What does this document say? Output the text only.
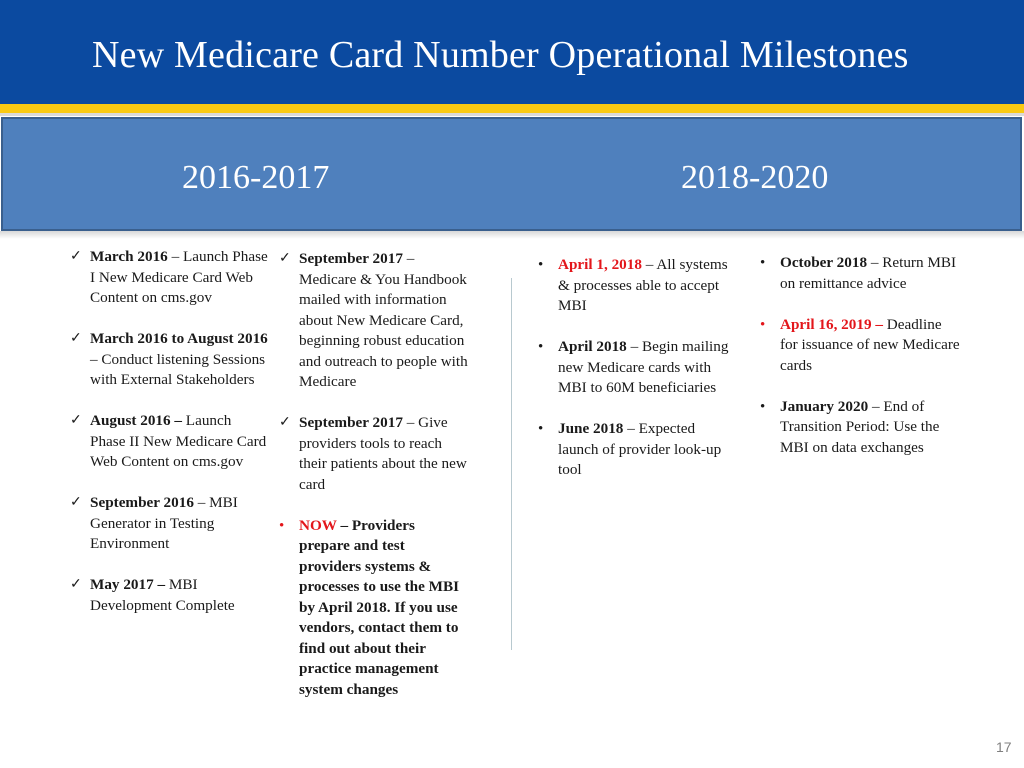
New Medicare Card Number Operational Milestones
2016-2017	2018-2020
✓ March 2016 – Launch Phase I New Medicare Card Web Content on cms.gov
✓ March 2016 to August 2016 – Conduct listening Sessions with External Stakeholders
✓ August 2016 – Launch Phase II New Medicare Card Web Content on cms.gov
✓ September 2016 – MBI Generator in Testing Environment
✓ May 2017 – MBI Development Complete
✓ September 2017 – Medicare & You Handbook mailed with information about New Medicare Card, beginning robust education and outreach to people with Medicare
✓ September 2017 – Give providers tools to reach their patients about the new card
• NOW – Providers prepare and test providers systems & processes to use the MBI by April 2018. If you use vendors, contact them to find out about their practice management system changes
• April 1, 2018 – All systems & processes able to accept MBI
• April 2018 – Begin mailing new Medicare cards with MBI to 60M beneficiaries
• June 2018 – Expected launch of provider look-up tool
• October 2018 – Return MBI on remittance advice
• April 16, 2019 – Deadline for issuance of new Medicare cards
• January 2020 – End of Transition Period: Use the MBI on data exchanges
17
